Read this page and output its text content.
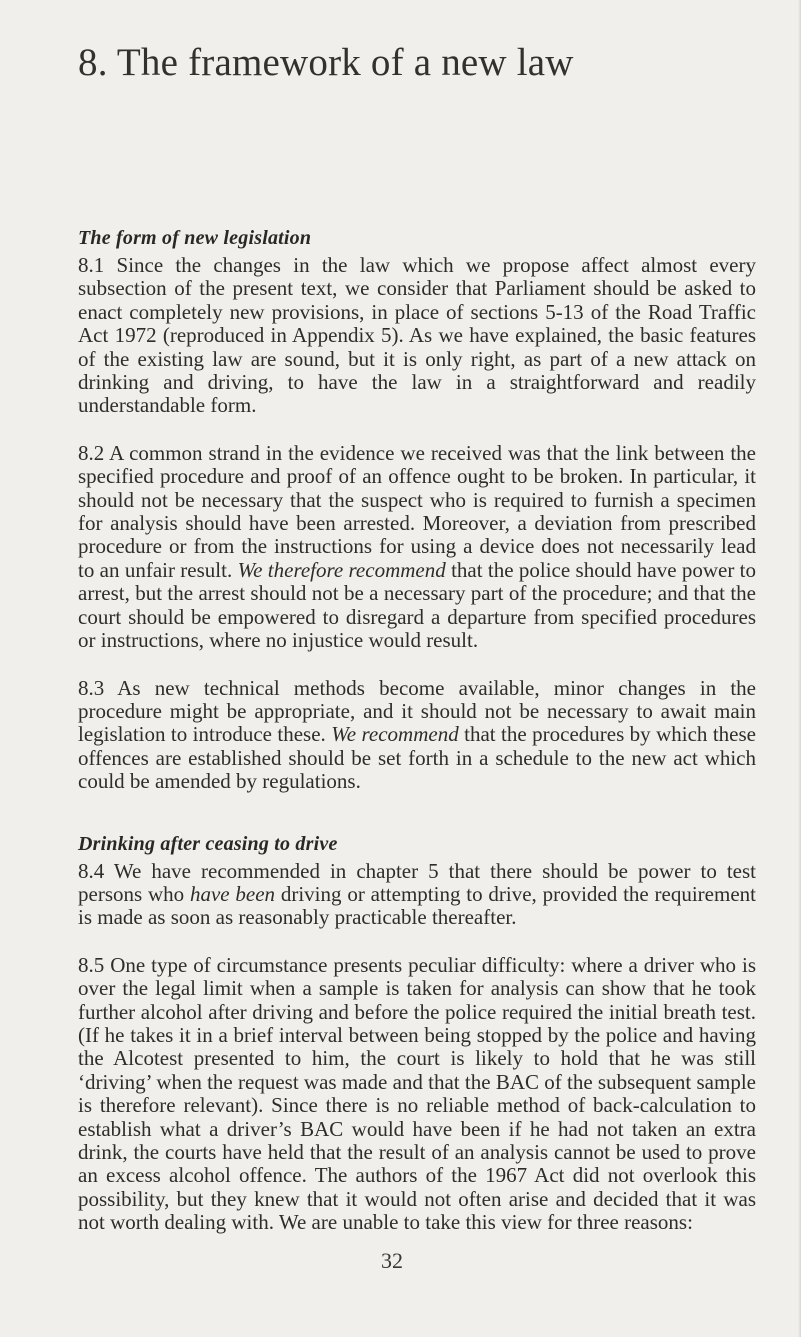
8. The framework of a new law
The form of new legislation

8.1 Since the changes in the law which we propose affect almost every subsection of the present text, we consider that Parliament should be asked to enact completely new provisions, in place of sections 5-13 of the Road Traffic Act 1972 (reproduced in Appendix 5). As we have explained, the basic features of the existing law are sound, but it is only right, as part of a new attack on drinking and driving, to have the law in a straightforward and readily understandable form.

8.2 A common strand in the evidence we received was that the link between the specified procedure and proof of an offence ought to be broken. In particular, it should not be necessary that the suspect who is required to furnish a specimen for analysis should have been arrested. Moreover, a deviation from prescribed procedure or from the instructions for using a device does not necessarily lead to an unfair result. We therefore recommend that the police should have power to arrest, but the arrest should not be a necessary part of the procedure; and that the court should be empowered to disregard a departure from specified procedures or instructions, where no injustice would result.

8.3 As new technical methods become available, minor changes in the procedure might be appropriate, and it should not be necessary to await main legislation to introduce these. We recommend that the procedures by which these offences are established should be set forth in a schedule to the new act which could be amended by regulations.

Drinking after ceasing to drive

8.4 We have recommended in chapter 5 that there should be power to test persons who have been driving or attempting to drive, provided the requirement is made as soon as reasonably practicable thereafter.

8.5 One type of circumstance presents peculiar difficulty: where a driver who is over the legal limit when a sample is taken for analysis can show that he took further alcohol after driving and before the police required the initial breath test. (If he takes it in a brief interval between being stopped by the police and having the Alcotest presented to him, the court is likely to hold that he was still ‘driving’ when the request was made and that the BAC of the subsequent sample is therefore relevant). Since there is no reliable method of back-calculation to establish what a driver’s BAC would have been if he had not taken an extra drink, the courts have held that the result of an analysis cannot be used to prove an excess alcohol offence. The authors of the 1967 Act did not overlook this possibility, but they knew that it would not often arise and decided that it was not worth dealing with. We are unable to take this view for three reasons:

32
